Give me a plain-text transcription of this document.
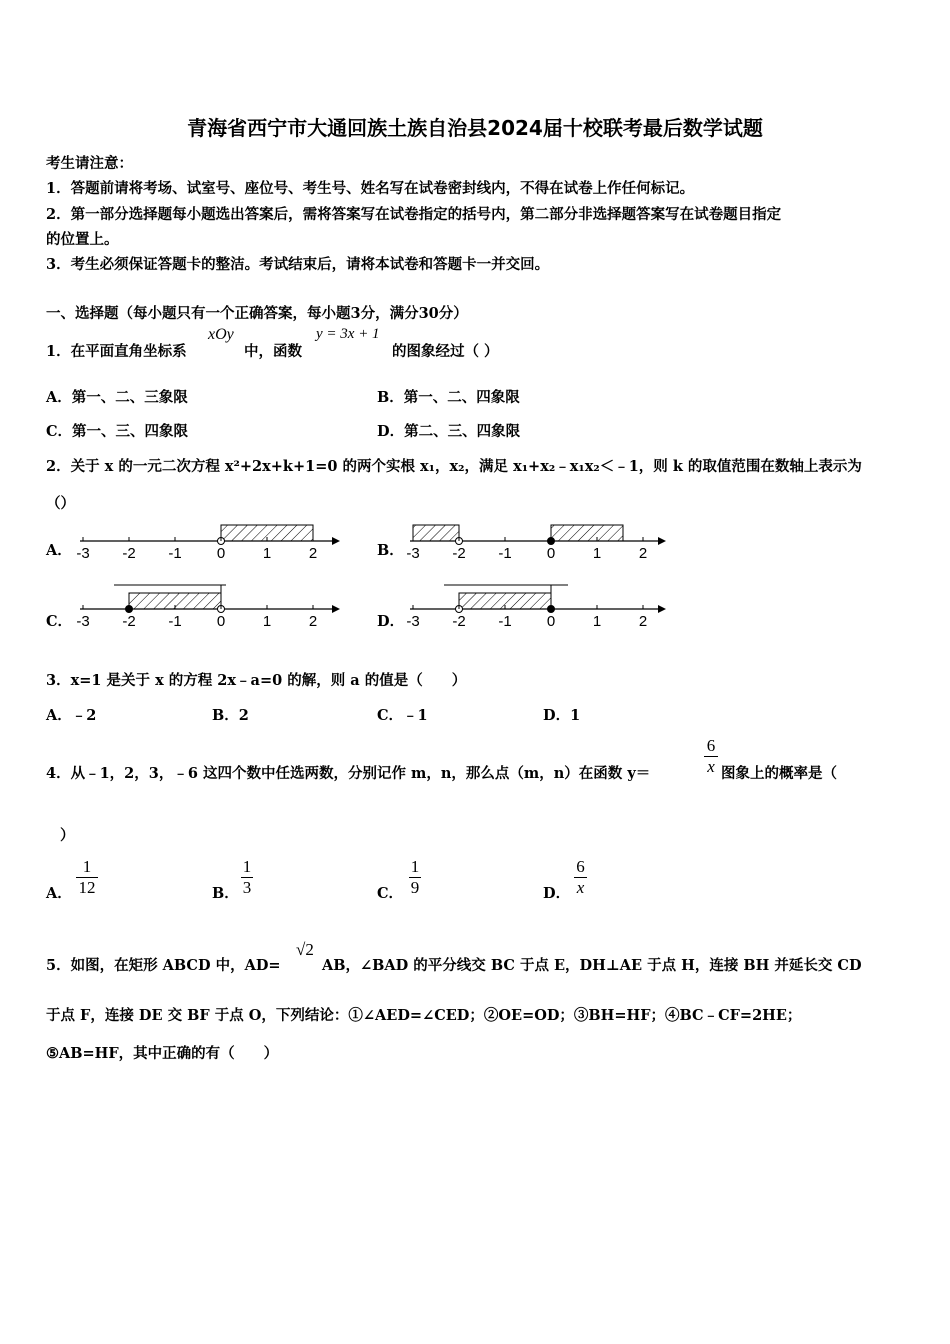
青海省西宁市大通回族土族自治县2024届十校联考最后数学试题
考生请注意：
1．答题前请将考场、试室号、座位号、考生号、姓名写在试卷密封线内，不得在试卷上作任何标记。
2．第一部分选择题每小题选出答案后，需将答案写在试卷指定的括号内，第二部分非选择题答案写在试卷题目指定
的位置上。
3．考生必须保证答题卡的整洁。考试结束后，请将本试卷和答题卡一并交回。
一、选择题（每小题只有一个正确答案，每小题3分，满分30分）
1．在平面直角坐标系
xOy
中，函数
y = 3x + 1
的图象经过（ ）
A．第一、二、三象限	B．第一、二、四象限
C．第一、三、四象限	D．第二、三、四象限
2．关于 x 的一元二次方程 x²+2x+k+1=0 的两个实根 x₁，x₂，满足 x₁+x₂﹣x₁x₂＜﹣1，则 k 的取值范围在数轴上表示为
（）
A．	B．
C．	D．
-3 -2 -1 0	1	2	-3 -2 -1 0	1	2
-3 -2 -1 0	1	2	-3 -2 -1 0	1	2
3．x=1 是关于 x 的方程 2x﹣a=0 的解，则 a 的值是（　　）
A．﹣2	B．2	C．﹣1	D．1
4．从﹣1，2，3，﹣6 这四个数中任选两数，分别记作 m，n，那么点（m，n）在函数 y＝
6
x 图象上的概率是（
）
A．
1
12	B．
1
3	C．
1
9	D．
6
x
5．如图，在矩形 ABCD 中，AD=
√2
AB，∠BAD 的平分线交 BC 于点 E，DH⊥AE 于点 H，连接 BH 并延长交 CD
于点 F，连接 DE 交 BF 于点 O，下列结论：①∠AED=∠CED；②OE=OD；③BH=HF；④BC﹣CF=2HE；
⑤AB=HF，其中正确的有（　　）
